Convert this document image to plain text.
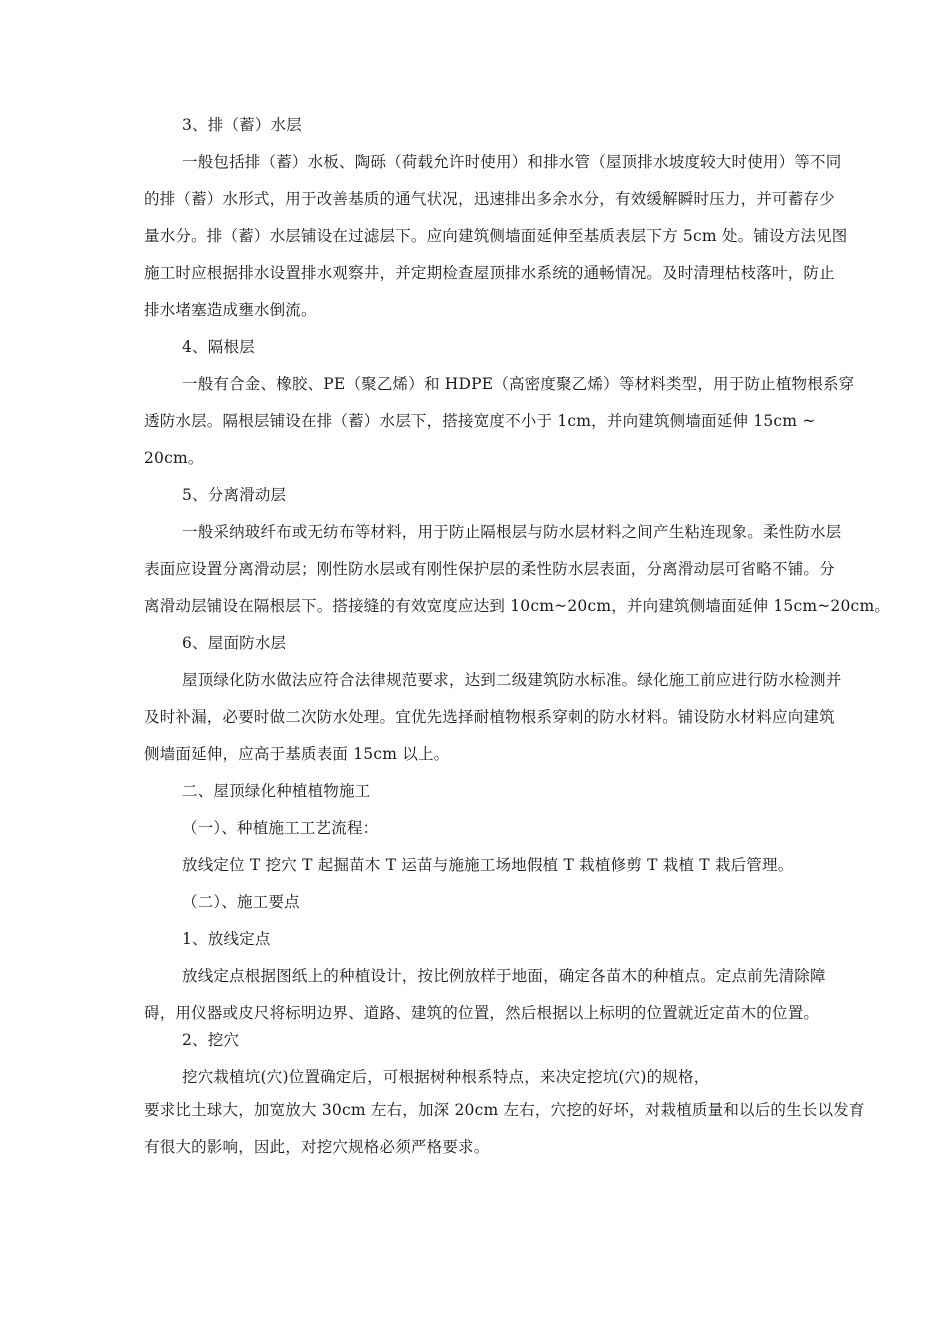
3、排（蓄）水层
一般包括排（蓄）水板、陶砾（荷载允许时使用）和排水管（屋顶排水坡度较大时使用）等不同
的排（蓄）水形式，用于改善基质的通气状况，迅速排出多余水分，有效缓解瞬时压力，并可蓄存少
量水分。排（蓄）水层铺设在过滤层下。应向建筑侧墙面延伸至基质表层下方 5cm 处。铺设方法见图
施工时应根据排水设置排水观察井，并定期检查屋顶排水系统的通畅情况。及时清理枯枝落叶，防止
排水堵塞造成壅水倒流。
4、隔根层
一般有合金、橡胶、PE（聚乙烯）和 HDPE（高密度聚乙烯）等材料类型，用于防止植物根系穿
透防水层。隔根层铺设在排（蓄）水层下，搭接宽度不小于 1cm，并向建筑侧墙面延伸 15cm ~
20cm。
5、分离滑动层
一般采纳玻纤布或无纺布等材料，用于防止隔根层与防水层材料之间产生粘连现象。柔性防水层
表面应设置分离滑动层；刚性防水层或有刚性保护层的柔性防水层表面，分离滑动层可省略不铺。分
离滑动层铺设在隔根层下。搭接缝的有效宽度应达到 10cm~20cm，并向建筑侧墙面延伸 15cm~20cm。
6、屋面防水层
屋顶绿化防水做法应符合法律规范要求，达到二级建筑防水标准。绿化施工前应进行防水检测并
及时补漏，必要时做二次防水处理。宜优先选择耐植物根系穿刺的防水材料。铺设防水材料应向建筑
侧墙面延伸，应高于基质表面 15cm 以上。
二、屋顶绿化种植植物施工
（一）、种植施工工艺流程：
放线定位 T 挖穴 T 起掘苗木 T 运苗与施施工场地假植 T 栽植修剪 T 栽植 T 栽后管理。
（二）、施工要点
1、放线定点
放线定点根据图纸上的种植设计，按比例放样于地面，确定各苗木的种植点。定点前先清除障
碍，用仪器或皮尺将标明边界、道路、建筑的位置，然后根据以上标明的位置就近定苗木的位置。
2、挖穴
挖穴栽植坑(穴)位置确定后，可根据树种根系特点，来决定挖坑(穴)的规格，
要求比土球大，加宽放大 30cm 左右，加深 20cm 左右，穴挖的好坏，对栽植质量和以后的生长以发育
有很大的影响，因此，对挖穴规格必须严格要求。
